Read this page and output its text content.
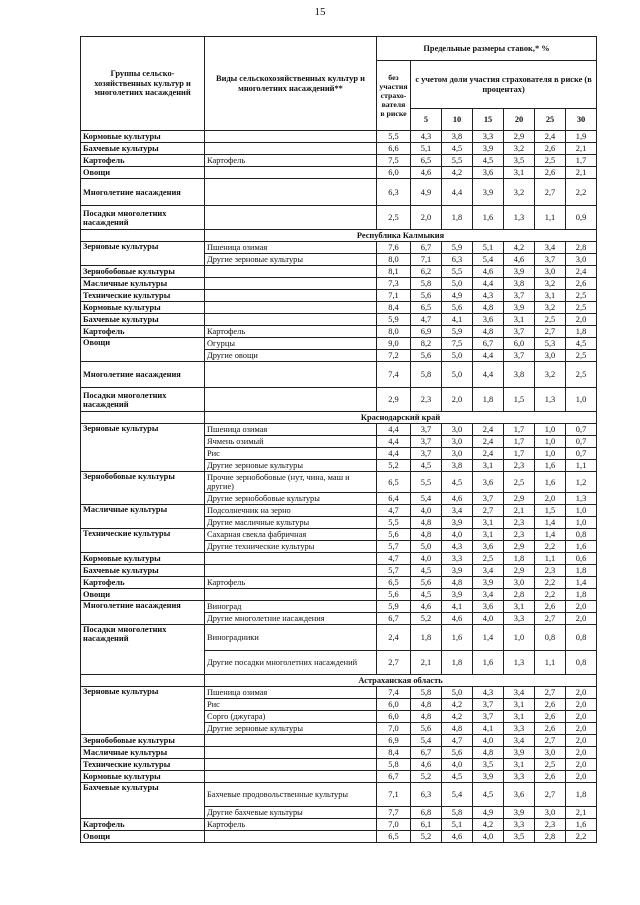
15
Группы сельско-хозяйственных культур и многолетних насаждений	Виды сельскохозяйственных культур и многолетних насаждений**	Предельные размеры ставок,* %						
		без участия страхо-вателя в риске	с учетом доли участия страхователя в риске (в процентах)					
			5	10	15	20	25	30
Кормовые культуры		5,5	4,3	3,8	3,3	2,9	2,4	1,9
Бахчевые культуры		6,6	5,1	4,5	3,9	3,2	2,6	2,1
Картофель	Картофель	7,5	6,5	5,5	4,5	3,5	2,5	1,7
Овощи		6,0	4,6	4,2	3,6	3,1	2,6	2,1
Многолетние насаждения		6,3	4,9	4,4	3,9	3,2	2,7	2,2
Посадки многолетних насаждений		2,5	2,0	1,8	1,6	1,3	1,1	0,9
	Республика Калмыкия							
Зерновые культуры	Пшеница озимая	7,6	6,7	5,9	5,1	4,2	3,4	2,8
	Другие зерновые культуры	8,0	7,1	6,3	5,4	4,6	3,7	3,0
Зернобобовые культуры		8,1	6,2	5,5	4,6	3,9	3,0	2,4
Масличные культуры		7,3	5,8	5,0	4,4	3,8	3,2	2,6
Технические культуры		7,1	5,6	4,9	4,3	3,7	3,1	2,5
Кормовые культуры		8,4	6,5	5,6	4,8	3,9	3,2	2,5
Бахчевые культуры		5,9	4,7	4,1	3,6	3,1	2,5	2,0
Картофель	Картофель	8,0	6,9	5,9	4,8	3,7	2,7	1,8
Овощи	Огурцы	9,0	8,2	7,5	6,7	6,0	5,3	4,5
	Другие овощи	7,2	5,6	5,0	4,4	3,7	3,0	2,5
Многолетние насаждения		7,4	5,8	5,0	4,4	3,8	3,2	2,5
Посадки многолетних насаждений		2,9	2,3	2,0	1,8	1,5	1,3	1,0
	Краснодарский край							
Зерновые культуры	Пшеница озимая	4,4	3,7	3,0	2,4	1,7	1,0	0,7
	Ячмень озимый	4,4	3,7	3,0	2,4	1,7	1,0	0,7
	Рис	4,4	3,7	3,0	2,4	1,7	1,0	0,7
	Другие зерновые культуры	5,2	4,5	3,8	3,1	2,3	1,6	1,1
Зернобобовые культуры	Прочие зернобобовые (нут, чина, маш и другие)	6,5	5,5	4,5	3,6	2,5	1,6	1,2
	Другие зернобобовые культуры	6,4	5,4	4,6	3,7	2,9	2,0	1,3
Масличные культуры	Подсолнечник на зерно	4,7	4,0	3,4	2,7	2,1	1,5	1,0
	Другие масличные культуры	5,5	4,8	3,9	3,1	2,3	1,4	1,0
Технические культуры	Сахарная свекла фабричная	5,6	4,8	4,0	3,1	2,3	1,4	0,8
	Другие технические культуры	5,7	5,0	4,3	3,6	2,9	2,2	1,6
Кормовые культуры		4,7	4,0	3,3	2,5	1,8	1,1	0,6
Бахчевые культуры		5,7	4,5	3,9	3,4	2,9	2,3	1,8
Картофель	Картофель	6,5	5,6	4,8	3,9	3,0	2,2	1,4
Овощи		5,6	4,5	3,9	3,4	2,8	2,2	1,8
Многолетние насаждения	Виноград	5,9	4,6	4,1	3,6	3,1	2,6	2,0
	Другие многолетние насаждения	6,7	5,2	4,6	4,0	3,3	2,7	2,0
Посадки многолетних насаждений	Виноградники	2,4	1,8	1,6	1,4	1,0	0,8	0,8
	Другие посадки многолетних насаждений	2,7	2,1	1,8	1,6	1,3	1,1	0,8
	Астраханская область							
Зерновые культуры	Пшеница озимая	7,4	5,8	5,0	4,3	3,4	2,7	2,0
	Рис	6,0	4,8	4,2	3,7	3,1	2,6	2,0
	Сорго (джугара)	6,0	4,8	4,2	3,7	3,1	2,6	2,0
	Другие зерновые культуры	7,0	5,6	4,8	4,1	3,3	2,6	2,0
Зернобобовые культуры		6,9	5,4	4,7	4,0	3,4	2,7	2,0
Масличные культуры		8,4	6,7	5,6	4,8	3,9	3,0	2,0
Технические культуры		5,8	4,6	4,0	3,5	3,1	2,5	2,0
Кормовые культуры		6,7	5,2	4,5	3,9	3,3	2,6	2,0
Бахчевые культуры	Бахчевые продовольственные культуры	7,1	6,3	5,4	4,5	3,6	2,7	1,8
	Другие бахчевые культуры	7,7	6,8	5,8	4,9	3,9	3,0	2,1
Картофель	Картофель	7,0	6,1	5,1	4,2	3,3	2,3	1,6
Овощи		6,5	5,2	4,6	4,0	3,5	2,8	2,2
